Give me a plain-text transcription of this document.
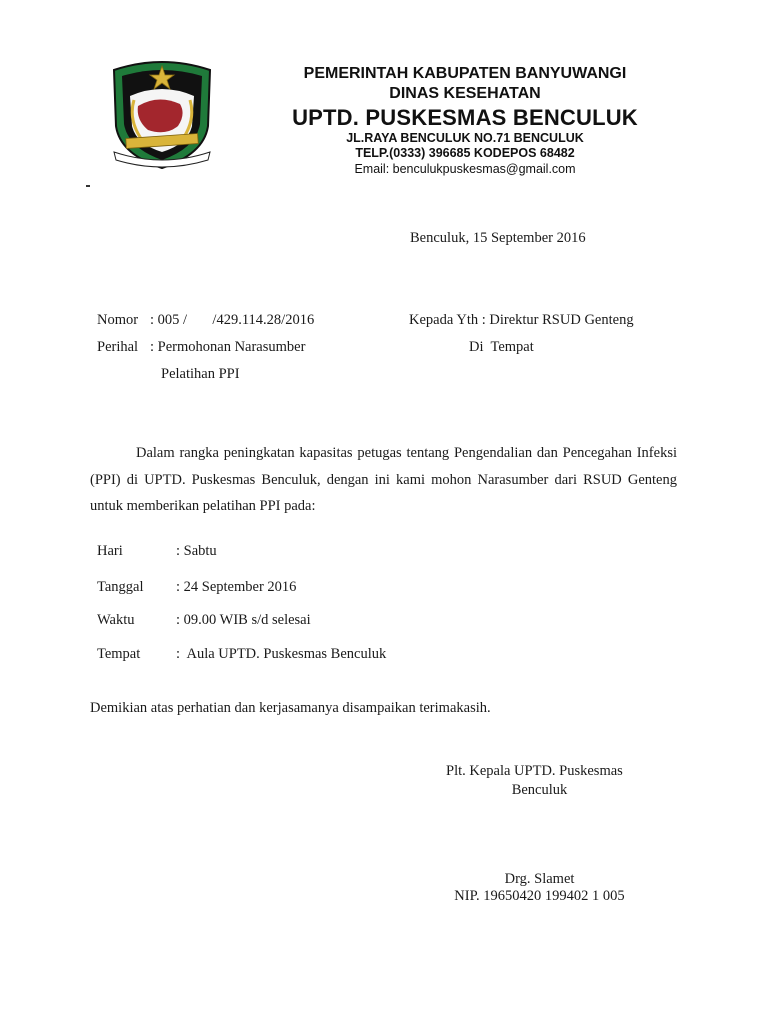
PEMERINTAH KABUPATEN BANYUWANGI
DINAS KESEHATAN
UPTD. PUSKESMAS BENCULUK
JL.RAYA BENCULUK NO.71 BENCULUK
TELP.(0333) 396685 KODEPOS 68482
Email: benculukpuskesmas@gmail.com
Benculuk, 15 September 2016
Nomor : 005 /       /429.114.28/2016	Kepada Yth : Direktur RSUD Genteng
Perihal : Permohonan Narasumber	Di  Tempat
Pelatihan PPI
Dalam rangka peningkatan kapasitas petugas tentang Pengendalian dan Pencegahan Infeksi (PPI) di UPTD. Puskesmas Benculuk, dengan ini kami mohon Narasumber dari RSUD Genteng untuk memberikan pelatihan PPI pada:
Hari	: Sabtu
Tanggal : 24 September 2016
Waktu	: 09.00 WIB s/d selesai
Tempat :  Aula UPTD. Puskesmas Benculuk
Demikian atas perhatian dan kerjasamanya disampaikan terimakasih.
Plt. Kepala UPTD. Puskesmas
Benculuk
Drg. Slamet
NIP. 19650420 199402 1 005
